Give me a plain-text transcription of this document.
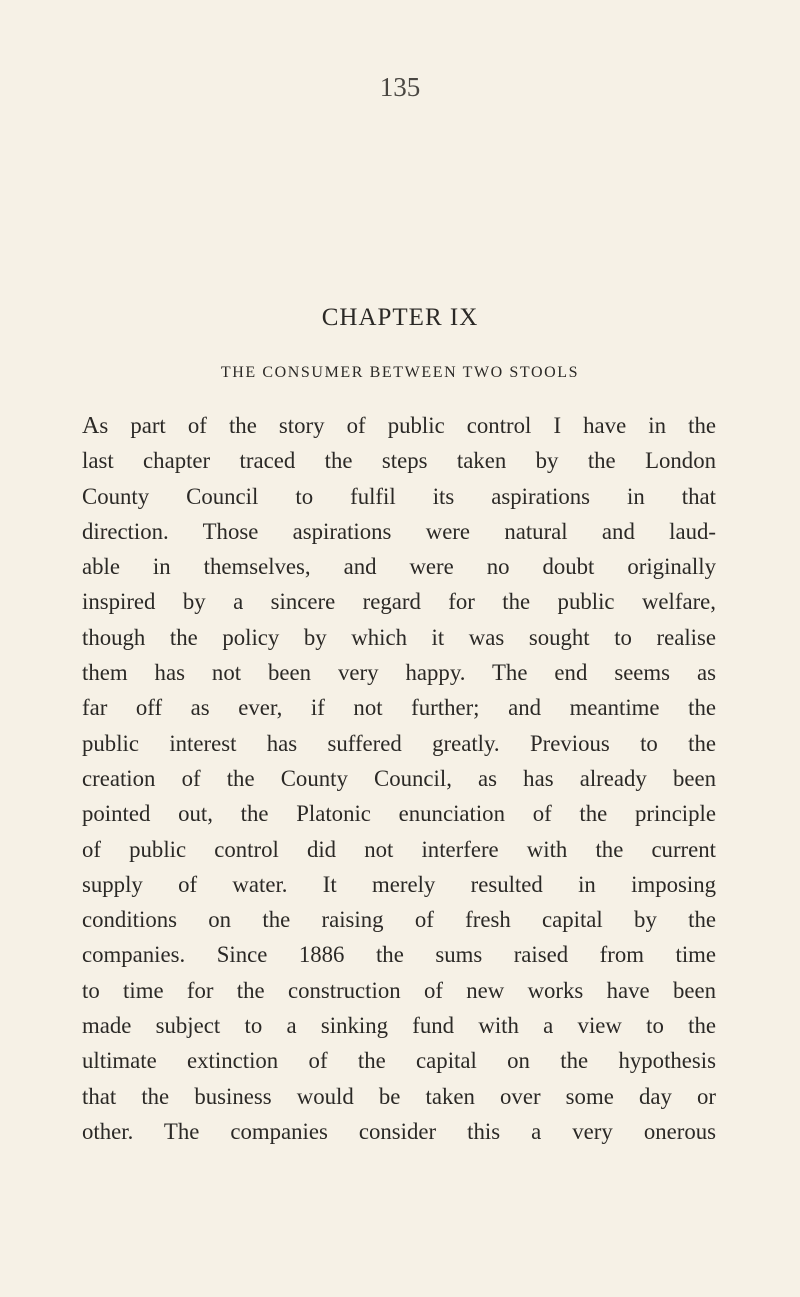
135
CHAPTER IX
THE CONSUMER BETWEEN TWO STOOLS
As part of the story of public control I have in the
last chapter traced the steps taken by the London
County Council to fulfil its aspirations in that
direction. Those aspirations were natural and laud-
able in themselves, and were no doubt originally
inspired by a sincere regard for the public welfare,
though the policy by which it was sought to realise
them has not been very happy. The end seems as
far off as ever, if not further; and meantime the
public interest has suffered greatly. Previous to the
creation of the County Council, as has already been
pointed out, the Platonic enunciation of the principle
of public control did not interfere with the current
supply of water. It merely resulted in imposing
conditions on the raising of fresh capital by the
companies. Since 1886 the sums raised from time
to time for the construction of new works have been
made subject to a sinking fund with a view to the
ultimate extinction of the capital on the hypothesis
that the business would be taken over some day or
other. The companies consider this a very onerous
